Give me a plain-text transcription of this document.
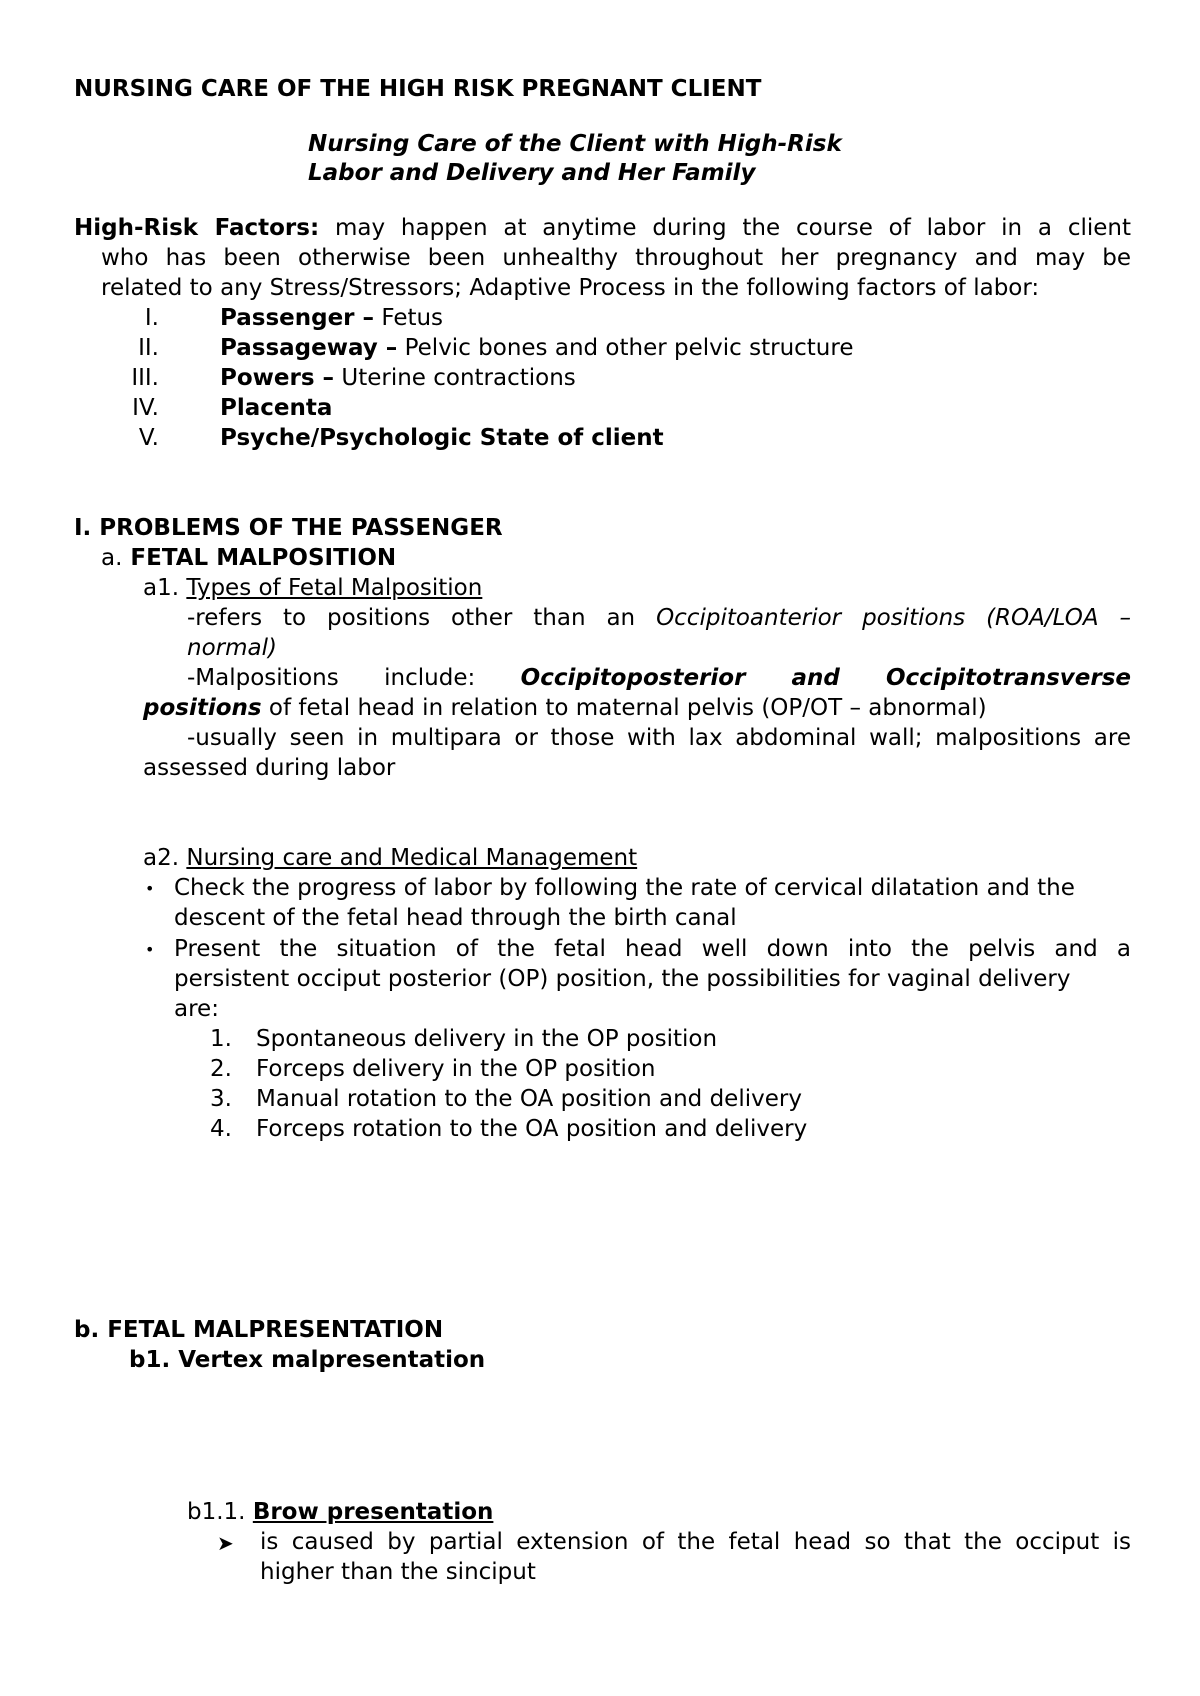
NURSING CARE OF THE HIGH RISK PREGNANT CLIENT
Nursing Care of the Client with High-Risk
Labor and Delivery and Her Family
High-Risk Factors: may happen at anytime during the course of labor in a client
who has been otherwise been unhealthy throughout her pregnancy and may be
related to any Stress/Stressors; Adaptive Process in the following factors of labor:
I.	Passenger – Fetus
II.	Passageway – Pelvic bones and other pelvic structure
III.	Powers – Uterine contractions
IV.	Placenta
V.	Psyche/Psychologic State of client
I. PROBLEMS OF THE PASSENGER
a. FETAL MALPOSITION
a1. Types of Fetal Malposition
-refers to positions other than an Occipitoanterior positions (ROA/LOA –
normal)
-Malpositions include: Occipitoposterior and Occipitotransverse
positions of fetal head in relation to maternal pelvis (OP/OT – abnormal)
-usually seen in multipara or those with lax abdominal wall; malpositions are
assessed during labor
a2. Nursing care and Medical Management
• Check the progress of labor by following the rate of cervical dilatation and the
descent of the fetal head through the birth canal
• Present the situation of the fetal head well down into the pelvis and a
persistent occiput posterior (OP) position, the possibilities for vaginal delivery
are:
1. Spontaneous delivery in the OP position
2. Forceps delivery in the OP position
3. Manual rotation to the OA position and delivery
4. Forceps rotation to the OA position and delivery
b. FETAL MALPRESENTATION
b1. Vertex malpresentation
b1.1. Brow presentation
➤ is caused by partial extension of the fetal head so that the occiput is
higher than the sinciput
